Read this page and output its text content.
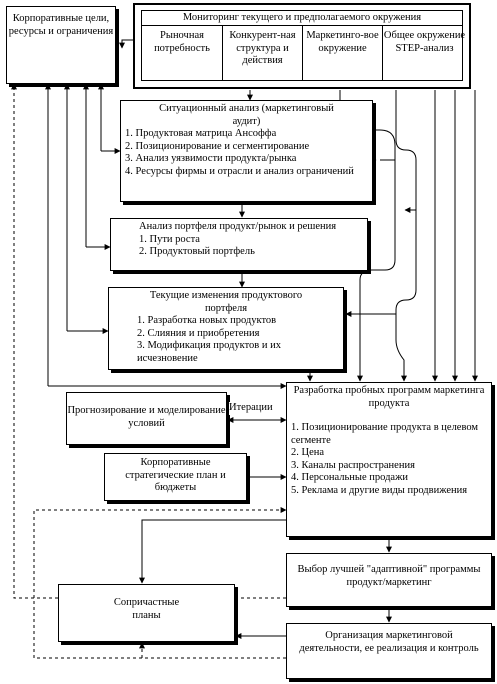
Корпоративные цели, ресурсы и ограничения
Мониторинг текущего и предполагаемого окружения
Рыночная потребность
Конкурент-ная структура и действия
Маркетинго-вое окружение
Общее окружение STEP-анализ
Ситуационный анализ (маркетинговый аудит)
1. Продуктовая матрица Ансоффа
2. Позиционирование и сегментирование
3. Анализ уязвимости продукта/рынка
4. Ресурсы фирмы и отрасли и анализ ограничений
Анализ портфеля продукт/рынок и решения
1. Пути роста
2. Продуктовый портфель
Текущие изменения продуктового портфеля
1. Разработка новых продуктов
2. Слияния и приобретения
3. Модификация продуктов и их исчезновение
Прогнозирование и моделирование условий
Итерации
Разработка пробных программ маркетинга продукта
1. Позиционирование продукта в целевом сегменте
2. Цена
3. Каналы распространения
4. Персональные продажи
5. Реклама и другие виды продвижения
Корпоративные стратегические план и бюджеты
Выбор лучшей "адаптивной" программы продукт/маркетинг
Сопричастные планы
Организация маркетинговой деятельности, ее реализация и контроль
